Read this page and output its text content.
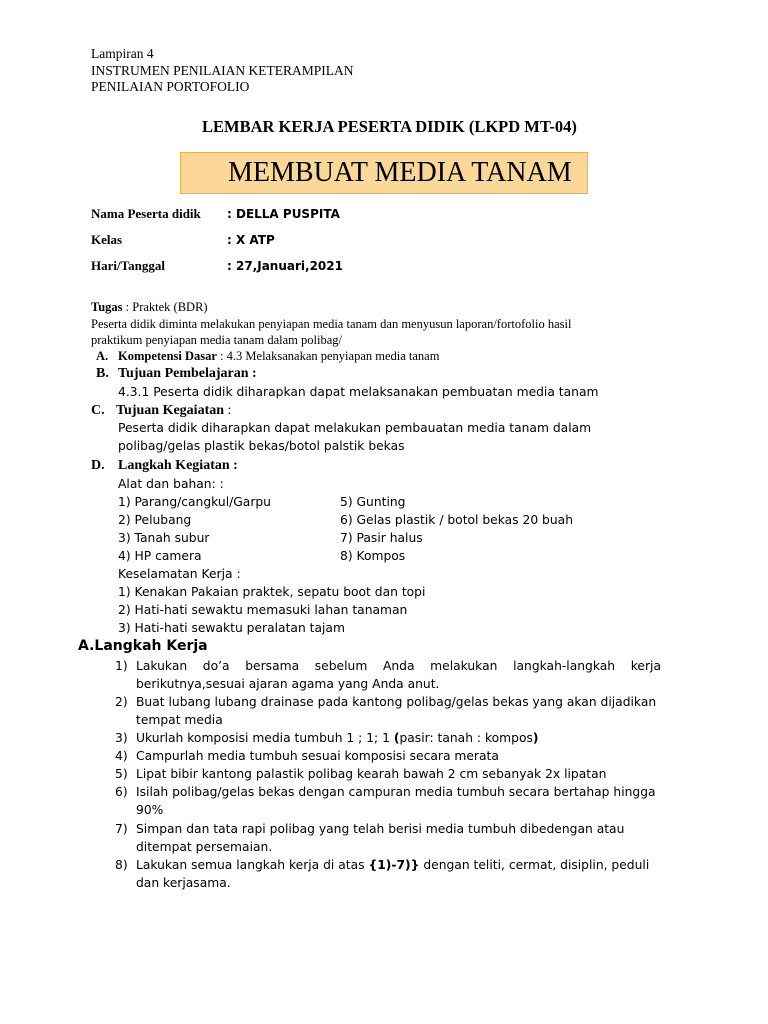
Lampiran 4
INSTRUMEN PENILAIAN KETERAMPILAN
PENILAIAN PORTOFOLIO
LEMBAR KERJA PESERTA DIDIK (LKPD MT-04)
MEMBUAT MEDIA TANAM
Nama Peserta didik : DELLA PUSPITA
Kelas	: X ATP
Hari/Tanggal	: 27,Januari,2021
Tugas : Praktek (BDR)
Peserta didik diminta melakukan penyiapan media tanam dan menyusun laporan/fortofolio hasil
praktikum penyiapan media tanam dalam polibag/
A. Kompetensi Dasar : 4.3 Melaksanakan penyiapan media tanam
B. Tujuan Pembelajaran :
4.3.1 Peserta didik diharapkan dapat melaksanakan pembuatan media tanam
C. Tujuan Kegaiatan :
Peserta didik diharapkan dapat melakukan pembauatan media tanam dalam
polibag/gelas plastik bekas/botol palstik bekas
D. Langkah Kegiatan :
Alat dan bahan: :
1) Parang/cangkul/Garpu
2) Pelubang
3) Tanah subur
4) HP camera
5) Gunting
6) Gelas plastik / botol bekas 20 buah
7) Pasir halus
8) Kompos
Keselamatan Kerja :
1) Kenakan Pakaian praktek, sepatu boot dan topi
2) Hati-hati sewaktu memasuki lahan tanaman
3) Hati-hati sewaktu peralatan tajam
A.Langkah Kerja
1) Lakukan do’a bersama sebelum Anda melakukan langkah-langkah kerja
berikutnya,sesuai ajaran agama yang Anda anut.
2) Buat lubang lubang drainase pada kantong polibag/gelas bekas yang akan dijadikan
tempat media
3) Ukurlah komposisi media tumbuh 1 ; 1; 1 (pasir: tanah : kompos)
4) Campurlah media tumbuh sesuai komposisi secara merata
5) Lipat bibir kantong palastik polibag kearah bawah 2 cm sebanyak 2x lipatan
6) Isilah polibag/gelas bekas dengan campuran media tumbuh secara bertahap hingga
90%
7) Simpan dan tata rapi polibag yang telah berisi media tumbuh dibedengan atau
ditempat persemaian.
8) Lakukan semua langkah kerja di atas {1)-7)} dengan teliti, cermat, disiplin, peduli
dan kerjasama.
